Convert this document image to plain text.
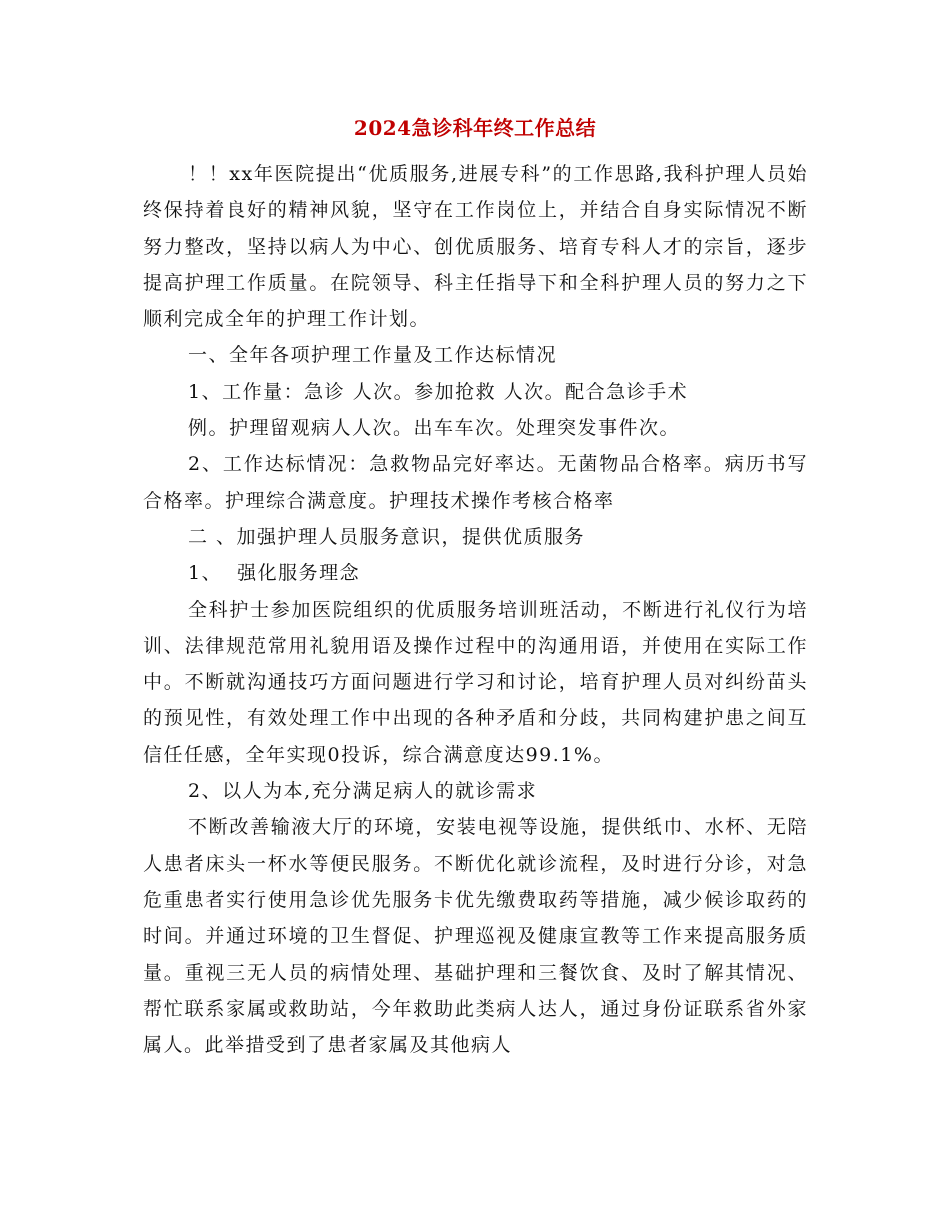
2024急诊科年终工作总结

！！xx年医院提出“优质服务,进展专科”的工作思路,我科护理人员始终保持着良好的精神风貌，坚守在工作岗位上，并结合自身实际情况不断努力整改，坚持以病人为中心、创优质服务、培育专科人才的宗旨，逐步提高护理工作质量。在院领导、科主任指导下和全科护理人员的努力之下顺利完成全年的护理工作计划。

一、全年各项护理工作量及工作达标情况

1、工作量：急诊 人次。参加抢救 人次。配合急诊手术

例。护理留观病人人次。出车车次。处理突发事件次。

2、工作达标情况：急救物品完好率达。无菌物品合格率。病历书写合格率。护理综合满意度。护理技术操作考核合格率

二 、加强护理人员服务意识，提供优质服务

1、  强化服务理念

全科护士参加医院组织的优质服务培训班活动，不断进行礼仪行为培训、法律规范常用礼貌用语及操作过程中的沟通用语，并使用在实际工作中。不断就沟通技巧方面问题进行学习和讨论，培育护理人员对纠纷苗头的预见性，有效处理工作中出现的各种矛盾和分歧，共同构建护患之间互信任任感，全年实现0投诉，综合满意度达99.1%。

2、以人为本,充分满足病人的就诊需求

不断改善输液大厅的环境，安装电视等设施，提供纸巾、水杯、无陪人患者床头一杯水等便民服务。不断优化就诊流程，及时进行分诊，对急危重患者实行使用急诊优先服务卡优先缴费取药等措施，减少候诊取药的时间。并通过环境的卫生督促、护理巡视及健康宣教等工作来提高服务质量。重视三无人员的病情处理、基础护理和三餐饮食、及时了解其情况、帮忙联系家属或救助站，今年救助此类病人达人，通过身份证联系省外家属人。此举措受到了患者家属及其他病人
